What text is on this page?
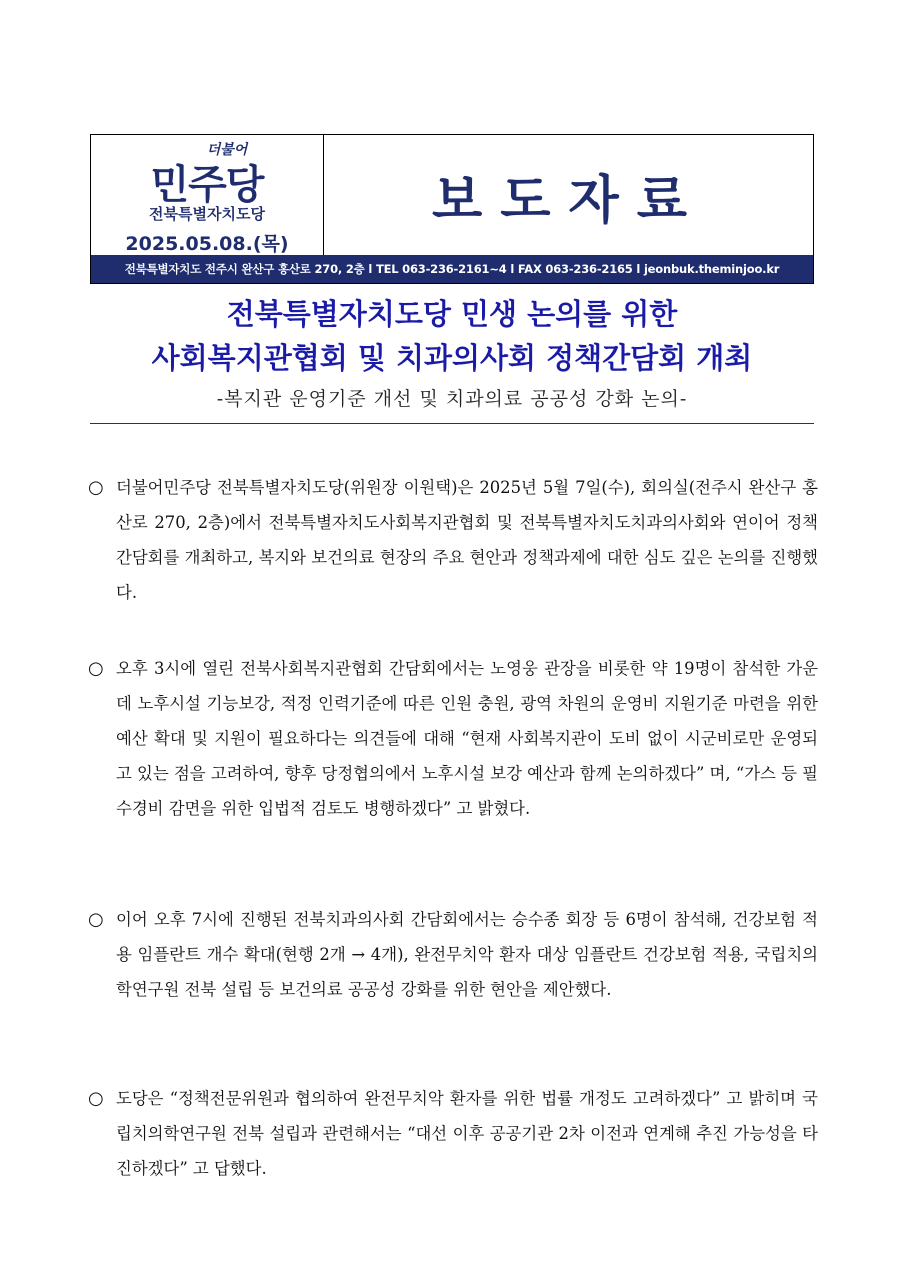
더불어
민주당
전북특별자치도당
2025.05.08.(목)
보도자료
전북특별자치도 전주시 완산구 홍산로 270, 2층 l TEL 063-236-2161~4 l FAX 063-236-2165 l jeonbuk.theminjoo.kr
전북특별자치도당 민생 논의를 위한
사회복지관협회 및 치과의사회 정책간담회 개최
-복지관 운영기준 개선 및 치과의료 공공성 강화 논의-
○ 더불어민주당 전북특별자치도당(위원장 이원택)은 2025년 5월 7일(수), 회의실(전주시 완산구 홍산로 270, 2층)에서 전북특별자치도사회복지관협회 및 전북특별자치도치과의사회와 연이어 정책간담회를 개최하고, 복지와 보건의료 현장의 주요 현안과 정책과제에 대한 심도 깊은 논의를 진행했다.
○ 오후 3시에 열린 전북사회복지관협회 간담회에서는 노영웅 관장을 비롯한 약 19명이 참석한 가운데 노후시설 기능보강, 적정 인력기준에 따른 인원 충원, 광역 차원의 운영비 지원기준 마련을 위한 예산 확대 및 지원이 필요하다는 의견들에 대해 “현재 사회복지관이 도비 없이 시군비로만 운영되고 있는 점을 고려하여, 향후 당정협의에서 노후시설 보강 예산과 함께 논의하겠다” 며, “가스 등 필수경비 감면을 위한 입법적 검토도 병행하겠다” 고 밝혔다.
○ 이어 오후 7시에 진행된 전북치과의사회 간담회에서는 승수종 회장 등 6명이 참석해, 건강보험 적용 임플란트 개수 확대(현행 2개 → 4개), 완전무치악 환자 대상 임플란트 건강보험 적용, 국립치의학연구원 전북 설립 등 보건의료 공공성 강화를 위한 현안을 제안했다.
○ 도당은 “정책전문위원과 협의하여 완전무치악 환자를 위한 법률 개정도 고려하겠다” 고 밝히며 국립치의학연구원 전북 설립과 관련해서는 “대선 이후 공공기관 2차 이전과 연계해 추진 가능성을 타진하겠다” 고 답했다.
